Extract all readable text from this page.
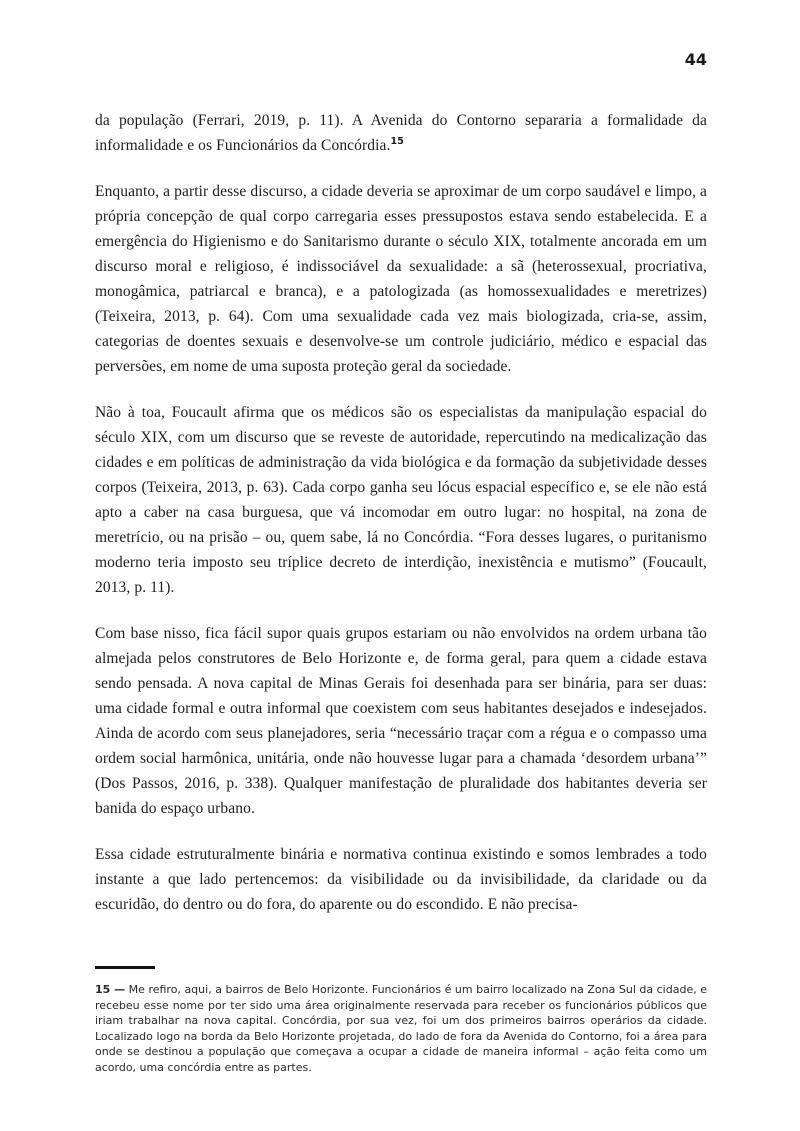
44

da população (Ferrari, 2019, p. 11). A Avenida do Contorno separaria a formalidade da informalidade e os Funcionários da Concórdia.$^{15}$

Enquanto, a partir desse discurso, a cidade deveria se aproximar de um corpo saudável e limpo, a própria concepção de qual corpo carregaria esses pressupostos estava sendo estabelecida. E a emergência do Higienismo e do Sanitarismo durante o século XIX, totalmente ancorada em um discurso moral e religioso, é indissociável da sexualidade: a sã (heterossexual, procriativa, monogâmica, patriarcal e branca), e a patologizada (as homossexualidades e meretrizes) (Teixeira, 2013, p. 64). Com uma sexualidade cada vez mais biologizada, cria-se, assim, categorias de doentes sexuais e desenvolve-se um controle judiciário, médico e espacial das perversões, em nome de uma suposta proteção geral da sociedade.

Não à toa, Foucault afirma que os médicos são os especialistas da manipulação espacial do século XIX, com um discurso que se reveste de autoridade, repercutindo na medicalização das cidades e em políticas de administração da vida biológica e da formação da subjetividade desses corpos (Teixeira, 2013, p. 63). Cada corpo ganha seu lócus espacial específico e, se ele não está apto a caber na casa burguesa, que vá incomodar em outro lugar: no hospital, na zona de meretrício, ou na prisão – ou, quem sabe, lá no Concórdia. “Fora desses lugares, o puritanismo moderno teria imposto seu tríplice decreto de interdição, inexistência e mutismo” (Foucault, 2013, p. 11).

Com base nisso, fica fácil supor quais grupos estariam ou não envolvidos na ordem urbana tão almejada pelos construtores de Belo Horizonte e, de forma geral, para quem a cidade estava sendo pensada. A nova capital de Minas Gerais foi desenhada para ser binária, para ser duas: uma cidade formal e outra informal que coexistem com seus habitantes desejados e indesejados. Ainda de acordo com seus planejadores, seria “necessário traçar com a régua e o compasso uma ordem social harmônica, unitária, onde não houvesse lugar para a chamada ‘desordem urbana’” (Dos Passos, 2016, p. 338). Qualquer manifestação de pluralidade dos habitantes deveria ser banida do espaço urbano.

Essa cidade estruturalmente binária e normativa continua existindo e somos lembrades a todo instante a que lado pertencemos: da visibilidade ou da invisibilidade, da claridade ou da escuridão, do dentro ou do fora, do aparente ou do escondido. E não precisa-

15 — Me refiro, aqui, a bairros de Belo Horizonte. Funcionários é um bairro localizado na Zona Sul da cidade, e recebeu esse nome por ter sido uma área originalmente reservada para receber os funcionários públicos que iriam trabalhar na nova capital. Concórdia, por sua vez, foi um dos primeiros bairros operários da cidade. Localizado logo na borda da Belo Horizonte projetada, do lado de fora da Avenida do Contorno, foi a área para onde se destinou a população que começava a ocupar a cidade de maneira informal – ação feita como um acordo, uma concórdia entre as partes.
